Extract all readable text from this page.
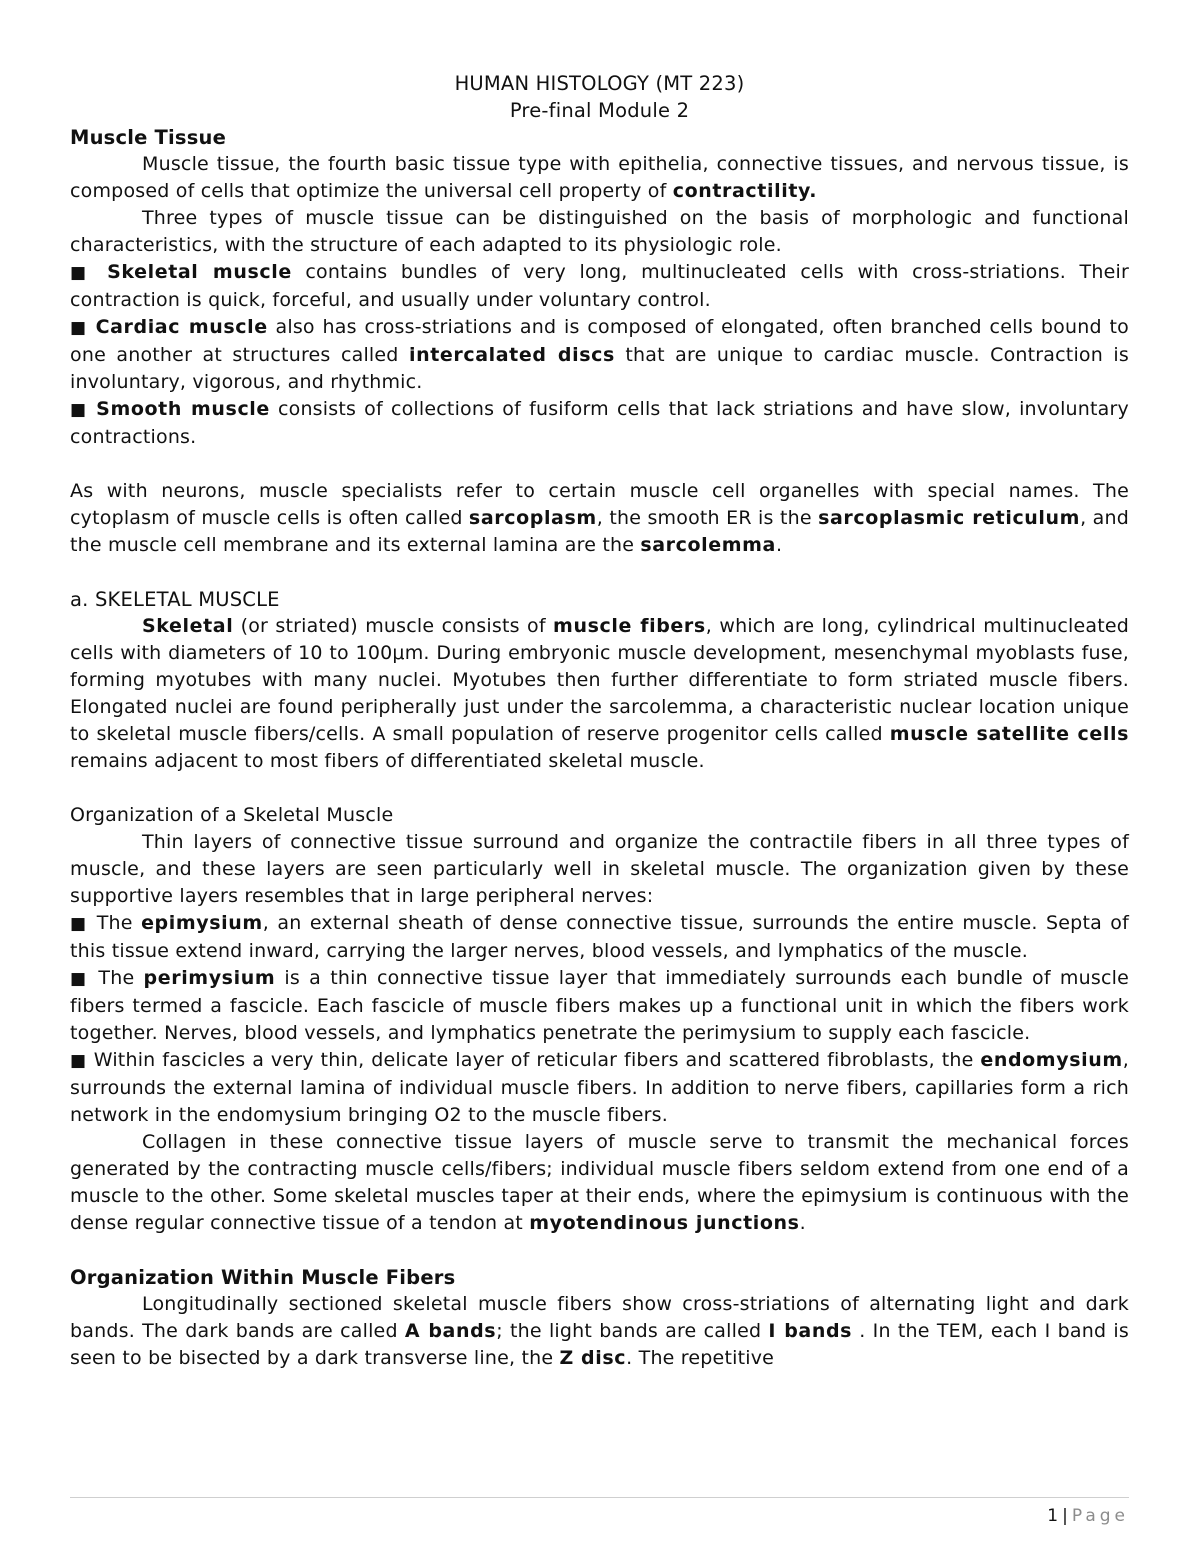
HUMAN HISTOLOGY (MT 223)

Pre-final Module 2

Muscle Tissue

Muscle tissue, the fourth basic tissue type with epithelia, connective tissues, and nervous tissue, is composed of cells that optimize the universal cell property of contractility.

Three types of muscle tissue can be distinguished on the basis of morphologic and functional characteristics, with the structure of each adapted to its physiologic role.

■ Skeletal muscle contains bundles of very long, multinucleated cells with cross-striations. Their contraction is quick, forceful, and usually under voluntary control.

■ Cardiac muscle also has cross-striations and is composed of elongated, often branched cells bound to one another at structures called intercalated discs that are unique to cardiac muscle. Contraction is involuntary, vigorous, and rhythmic.

■ Smooth muscle consists of collections of fusiform cells that lack striations and have slow, involuntary contractions.

As with neurons, muscle specialists refer to certain muscle cell organelles with special names. The cytoplasm of muscle cells is often called sarcoplasm, the smooth ER is the sarcoplasmic reticulum, and the muscle cell membrane and its external lamina are the sarcolemma.

a. SKELETAL MUSCLE

Skeletal (or striated) muscle consists of muscle fibers, which are long, cylindrical multinucleated cells with diameters of 10 to 100μm. During embryonic muscle development, mesenchymal myoblasts fuse, forming myotubes with many nuclei. Myotubes then further differentiate to form striated muscle fibers. Elongated nuclei are found peripherally just under the sarcolemma, a characteristic nuclear location unique to skeletal muscle fibers/cells. A small population of reserve progenitor cells called muscle satellite cells remains adjacent to most fibers of differentiated skeletal muscle.

Organization of a Skeletal Muscle

Thin layers of connective tissue surround and organize the contractile fibers in all three types of muscle, and these layers are seen particularly well in skeletal muscle. The organization given by these supportive layers resembles that in large peripheral nerves:

■ The epimysium, an external sheath of dense connective tissue, surrounds the entire muscle. Septa of this tissue extend inward, carrying the larger nerves, blood vessels, and lymphatics of the muscle.

■ The perimysium is a thin connective tissue layer that immediately surrounds each bundle of muscle fibers termed a fascicle. Each fascicle of muscle fibers makes up a functional unit in which the fibers work together. Nerves, blood vessels, and lymphatics penetrate the perimysium to supply each fascicle.

■ Within fascicles a very thin, delicate layer of reticular fibers and scattered fibroblasts, the endomysium, surrounds the external lamina of individual muscle fibers. In addition to nerve fibers, capillaries form a rich network in the endomysium bringing O2 to the muscle fibers.

Collagen in these connective tissue layers of muscle serve to transmit the mechanical forces generated by the contracting muscle cells/fibers; individual muscle fibers seldom extend from one end of a muscle to the other. Some skeletal muscles taper at their ends, where the epimysium is continuous with the dense regular connective tissue of a tendon at myotendinous junctions.

Organization Within Muscle Fibers

Longitudinally sectioned skeletal muscle fibers show cross-striations of alternating light and dark bands. The dark bands are called A bands; the light bands are called I bands . In the TEM, each I band is seen to be bisected by a dark transverse line, the Z disc. The repetitive

1 | Page
